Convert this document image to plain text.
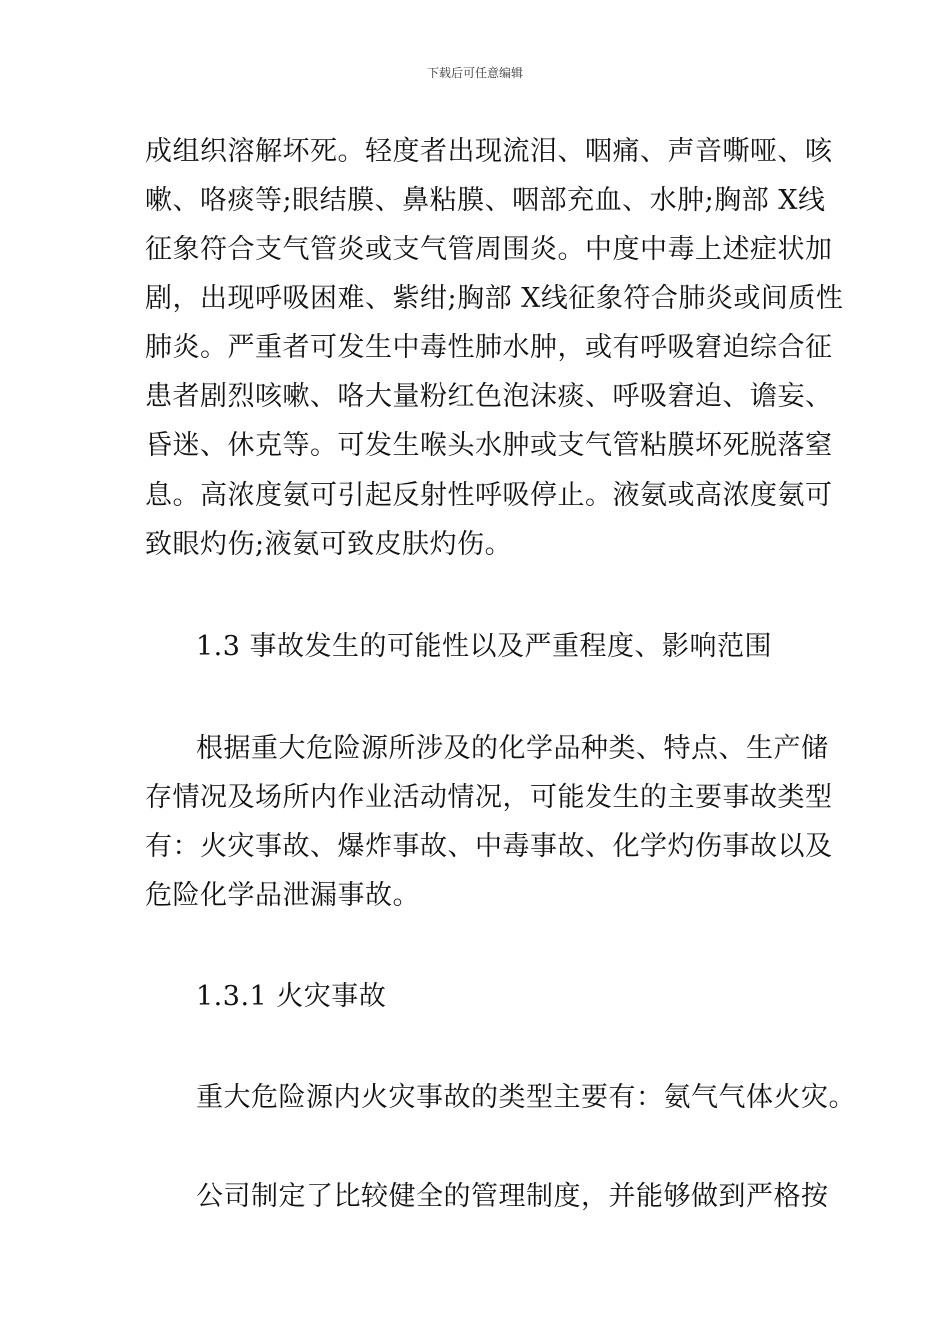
下载后可任意编辑
成组织溶解坏死。轻度者出现流泪、咽痛、声音嘶哑、咳
嗽、咯痰等;眼结膜、鼻粘膜、咽部充血、水肿;胸部 X线
征象符合支气管炎或支气管周围炎。中度中毒上述症状加
剧，出现呼吸困难、紫绀;胸部 X线征象符合肺炎或间质性
肺炎。严重者可发生中毒性肺水肿，或有呼吸窘迫综合征
患者剧烈咳嗽、咯大量粉红色泡沫痰、呼吸窘迫、谵妄、
昏迷、休克等。可发生喉头水肿或支气管粘膜坏死脱落窒
息。高浓度氨可引起反射性呼吸停止。液氨或高浓度氨可
致眼灼伤;液氨可致皮肤灼伤。
1.3 事故发生的可能性以及严重程度、影响范围
根据重大危险源所涉及的化学品种类、特点、生产储
存情况及场所内作业活动情况，可能发生的主要事故类型
有：火灾事故、爆炸事故、中毒事故、化学灼伤事故以及
危险化学品泄漏事故。
1.3.1 火灾事故
重大危险源内火灾事故的类型主要有：氨气气体火灾。
公司制定了比较健全的管理制度，并能够做到严格按
